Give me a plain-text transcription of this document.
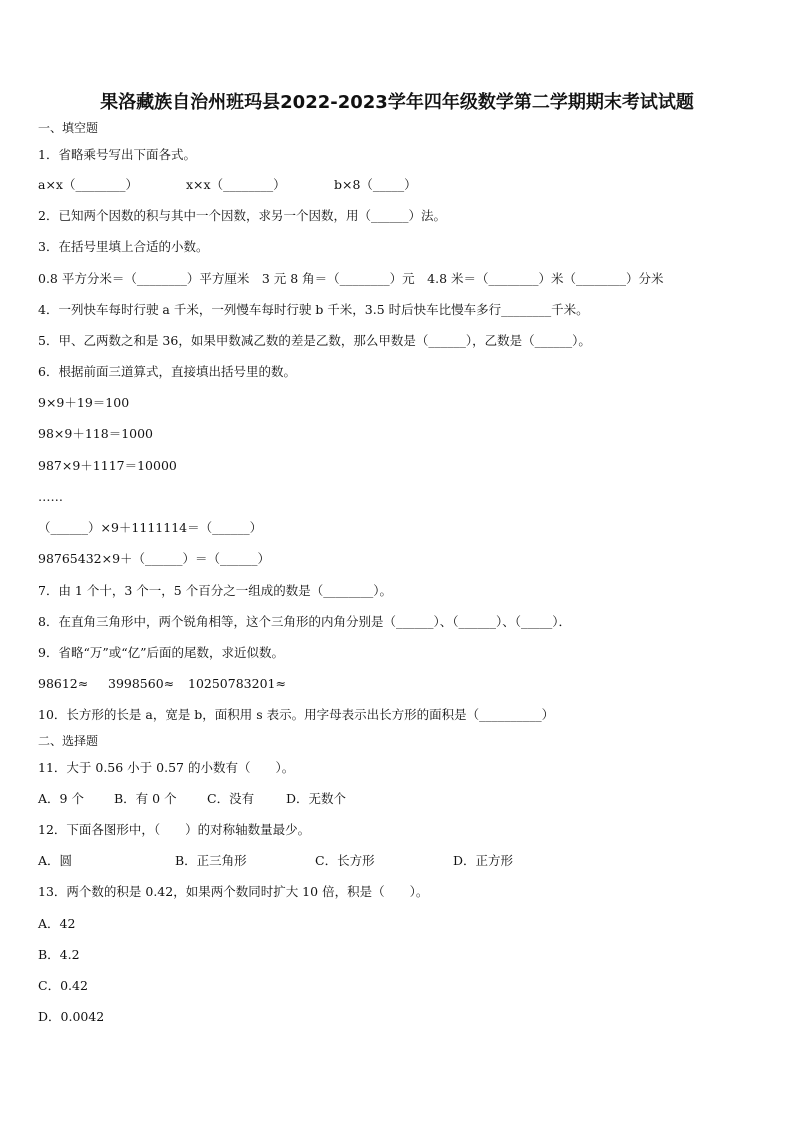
果洛藏族自治州班玛县2022-2023学年四年级数学第二学期期末考试试题
一、填空题
1．省略乘号写出下面各式。
a×x（________）	x×x（________）	b×8（_____）
2．已知两个因数的积与其中一个因数，求另一个因数，用（______）法。
3．在括号里填上合适的小数。
0.8 平方分米＝（________）平方厘米　3 元 8 角＝（________）元　4.8 米＝（________）米（________）分米
4．一列快车每时行驶 a 千米，一列慢车每时行驶 b 千米，3.5 时后快车比慢车多行________千米。
5．甲、乙两数之和是 36，如果甲数减乙数的差是乙数，那么甲数是（______），乙数是（______）。
6．根据前面三道算式，直接填出括号里的数。
9×9＋19＝100
98×9＋118＝1000
987×9＋1117＝10000
……
（______）×9＋1111114＝（______）
98765432×9＋（______）＝（______）
7．由 1 个十，3 个一，5 个百分之一组成的数是（________）。
8．在直角三角形中，两个锐角相等，这个三角形的内角分别是（______）、（______）、（_____）．
9．省略“万”或“亿”后面的尾数，求近似数。
98612≈ 3998560≈ 10250783201≈
10．长方形的长是 a，宽是 b，面积用 s 表示。用字母表示出长方形的面积是（__________）
二、选择题
11．大于 0.56 小于 0.57 的小数有（　　）。
A．9 个 B．有 0 个 C．没有	D．无数个
12．下面各图形中，（　　）的对称轴数量最少。
A．圆	B．正三角形	C．长方形	D．正方形
13．两个数的积是 0.42，如果两个数同时扩大 10 倍，积是（　　）。
A．42
B．4.2
C．0.42
D．0.0042
